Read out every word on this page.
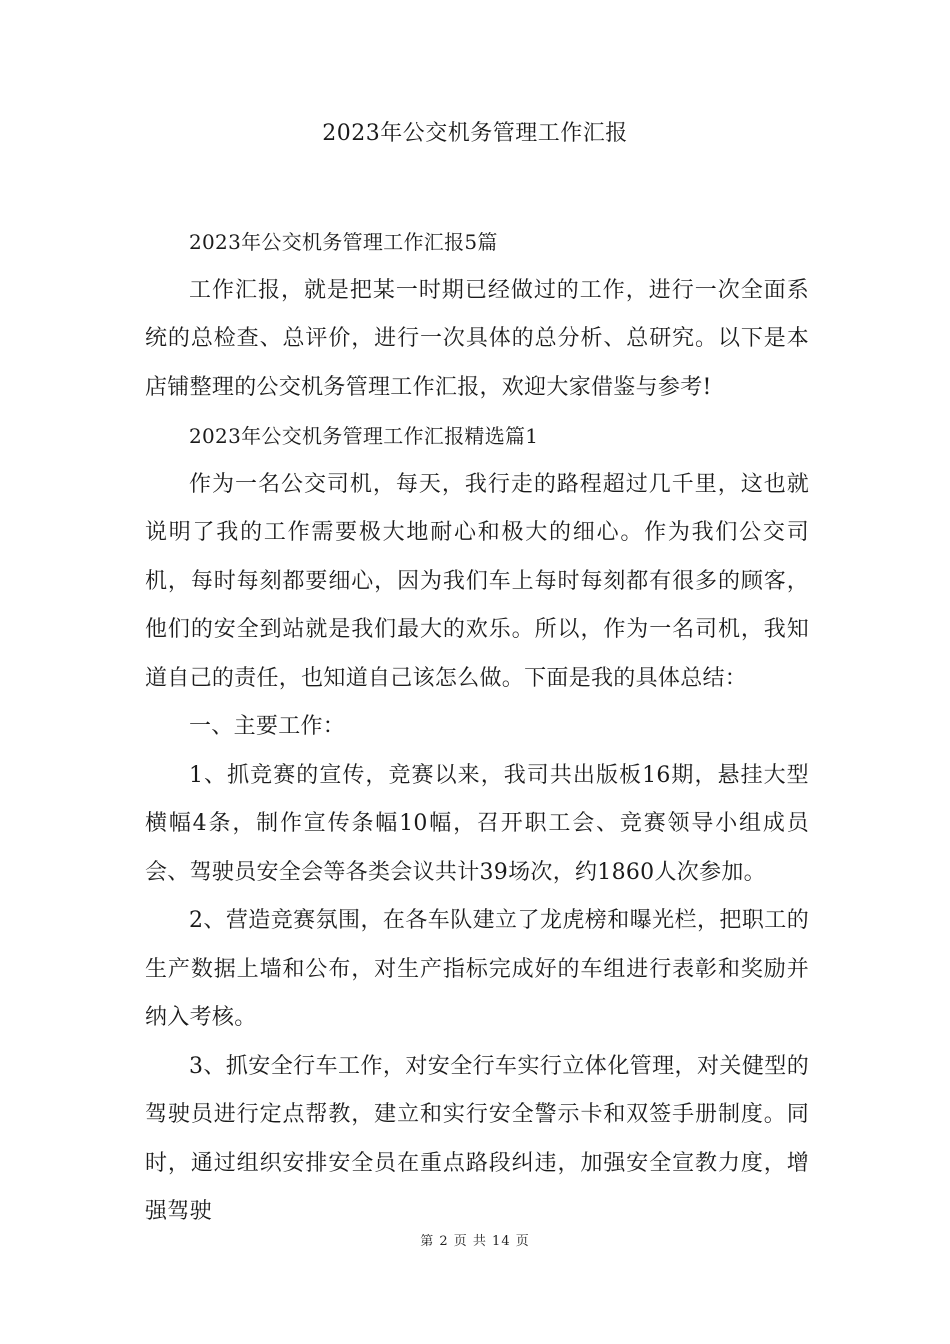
2023年公交机务管理工作汇报

2023年公交机务管理工作汇报5篇

工作汇报，就是把某一时期已经做过的工作，进行一次全面系统的总检查、总评价，进行一次具体的总分析、总研究。以下是本店铺整理的公交机务管理工作汇报，欢迎大家借鉴与参考!

2023年公交机务管理工作汇报精选篇1

作为一名公交司机，每天，我行走的路程超过几千里，这也就说明了我的工作需要极大地耐心和极大的细心。作为我们公交司机，每时每刻都要细心，因为我们车上每时每刻都有很多的顾客，他们的安全到站就是我们最大的欢乐。所以，作为一名司机，我知道自己的责任，也知道自己该怎么做。下面是我的具体总结：

一、主要工作：

1、抓竞赛的宣传，竞赛以来，我司共出版板16期，悬挂大型横幅4条，制作宣传条幅10幅，召开职工会、竞赛领导小组成员会、驾驶员安全会等各类会议共计39场次，约1860人次参加。

2、营造竞赛氛围，在各车队建立了龙虎榜和曝光栏，把职工的生产数据上墙和公布，对生产指标完成好的车组进行表彰和奖励并纳入考核。

3、抓安全行车工作，对安全行车实行立体化管理，对关健型的驾驶员进行定点帮教，建立和实行安全警示卡和双签手册制度。同时，通过组织安排安全员在重点路段纠违，加强安全宣教力度，增强驾驶

第 2 页 共 14 页
